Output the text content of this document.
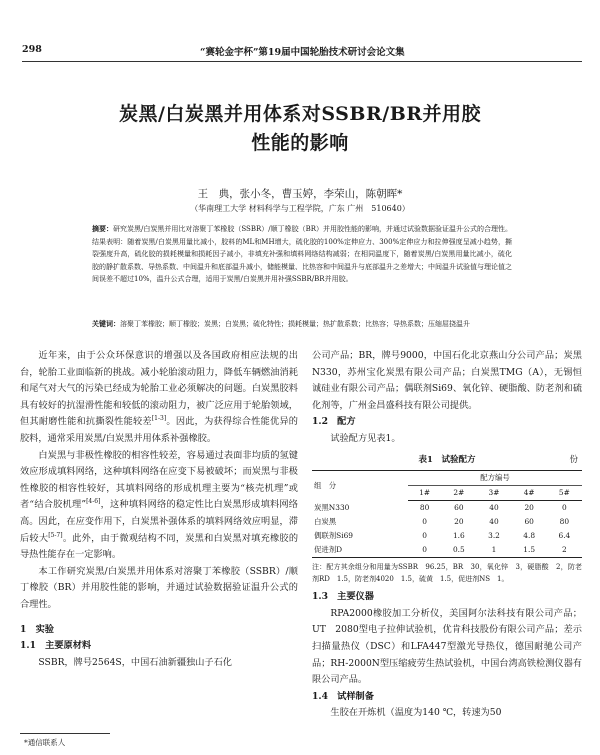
298	“赛轮金宇杯”第19届中国轮胎技术研讨会论文集
炭黑/白炭黑并用体系对SSBR/BR并用胶
性能的影响
王　典，张小冬，曹玉婷，李荣山，陈朝晖*
（华南理工大学 材料科学与工程学院，广东 广州　510640）
摘要：研究炭黑/白炭黑并用比对溶聚丁苯橡胶（SSBR）/顺丁橡胶（BR）并用胶性能的影响，并通过试验数据验证温升公式的合理性。结果表明：随着炭黑/白炭黑用量比减小，胶料的ML和MH增大，硫化胶的100%定伸应力、300%定伸应力和拉伸强度呈减小趋势，撕裂强度升高，硫化胶的损耗模量和损耗因子减小，非填充补强和填料网络结构减弱；在相同温度下，随着炭黑/白炭黑用量比减小，硫化胶的静扩散系数、导热系数、中间温升和底部温升减小，储能模量、比热容和中间温升与底部温升之差增大；中间温升试验值与理论值之间误差不超过10%，温升公式合理，适用于炭黑/白炭黑并用补强SSBR/BR并用胶。
关键词：溶聚丁苯橡胶；顺丁橡胶；炭黑；白炭黑；硫化特性；损耗模量；热扩散系数；比热容；导热系数；压缩屈挠温升

近年来，由于公众环保意识的增强以及各国政府相应法规的出台，轮胎工业面临新的挑战。减小轮胎滚动阻力，降低车辆燃油消耗和尾气对大气的污染已经成为轮胎工业必须解决的问题。白炭黑胶料具有较好的抗湿滑性能和较低的滚动阻力，被广泛应用于轮胎领域，但其耐磨性能和抗撕裂性能较差[1-3]。因此，为获得综合性能优异的胶料，通常采用炭黑/白炭黑并用体系补强橡胶。

白炭黑与非极性橡胶的相容性较差，容易通过表面非均质的氢键效应形成填料网络，这种填料网络在应变下易被破坏；而炭黑与非极性橡胶的相容性较好，其填料网络的形成机理主要为“核壳机理”或者“结合胶机理”[4-6]，这种填料网络的稳定性比白炭黑形成填料网络高。因此，在应变作用下，白炭黑补强体系的填料网络效应明显，滞后较大[5-7]。此外，由于微观结构不同，炭黑和白炭黑对填充橡胶的导热性能存在一定影响。

本工作研究炭黑/白炭黑并用体系对溶聚丁苯橡胶（SSBR）/顺丁橡胶（BR）并用胶性能的影响，并通过试验数据验证温升公式的合理性。

1　实验
1.1　主要原材料

SSBR，牌号2564S，中国石油新疆独山子石化

公司产品；BR，牌号9000，中国石化北京燕山分公司产品；炭黑N330，苏州宝化炭黑有限公司产品；白炭黑TMG（A），无锡恒诚硅业有限公司产品；偶联剂Si69、氧化锌、硬脂酸、防老剂和硫化剂等，广州金昌盛科技有限公司提供。
1.2　配方

试验配方见表1。

表1　试验配方	份
组　分	配方编号				
	1#	2#	3#	4#	5#
炭黑N330	80	60	40	20	0
白炭黑	0	20	40	60	80
偶联剂Si69	0	1.6	3.2	4.8	6.4
促进剂D	0	0.5	1	1.5	2
注：配方其余组分和用量为SSBR　96.25，BR　30，氧化锌　3，硬脂酸　2，防老剂RD　1.5，防老剂4020　1.5，硫黄　1.5，促进剂NS　1。
1.3　主要仪器

RPA2000橡胶加工分析仪，美国阿尔法科技有限公司产品；UT　2080型电子拉伸试验机，优肯科技股份有限公司产品；差示扫描量热仪（DSC）和LFA447型激光导热仪，德国耐驰公司产品；RH-2000N型压缩疲劳生热试验机，中国台湾高铁检测仪器有限公司产品。

1.4　试样制备

生胶在开炼机（温度为140 ℃，转速为50

*通信联系人
